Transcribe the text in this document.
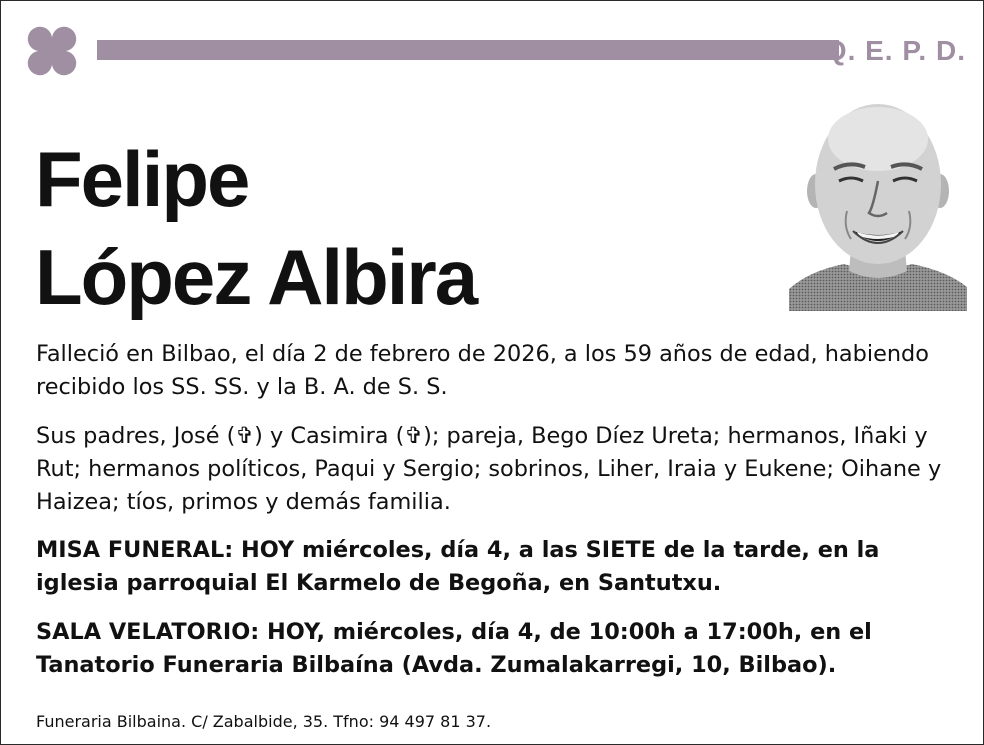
Q. E. P. D.
Felipe
López Albira
Falleció en Bilbao, el día 2 de febrero de 2026, a los 59 años de edad, habiendo recibido los SS. SS. y la B. A. de S. S.
Sus padres, José (✞) y Casimira (✞); pareja, Bego Díez Ureta; hermanos, Iñaki y Rut; hermanos políticos, Paqui y Sergio; sobrinos, Liher, Iraia y Eukene; Oihane y Haizea; tíos, primos y demás familia.
MISA FUNERAL: HOY miércoles, día 4, a las SIETE de la tarde, en la iglesia parroquial El Karmelo de Begoña, en Santutxu.
SALA VELATORIO: HOY, miércoles, día 4, de 10:00h a 17:00h, en el Tanatorio Funeraria Bilbaína (Avda. Zumalakarregi, 10, Bilbao).
Funeraria Bilbaina. C/ Zabalbide, 35. Tfno: 94 497 81 37.
